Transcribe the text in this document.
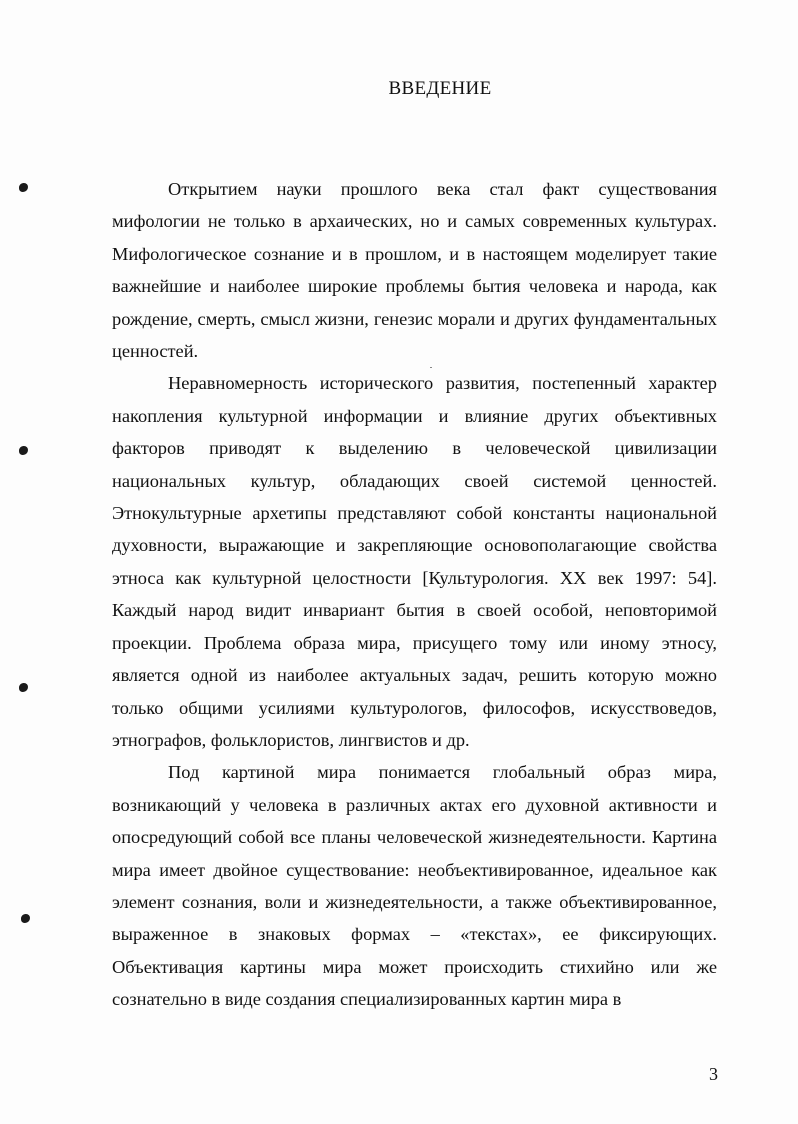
ВВЕДЕНИЕ

Открытием науки прошлого века стал факт существования мифологии не только в архаических, но и самых современных культурах. Мифологическое сознание и в прошлом, и в настоящем моделирует такие важнейшие и наиболее широкие проблемы бытия человека и народа, как рождение, смерть, смысл жизни, генезис морали и других фундаментальных ценностей.

Неравномерность исторического развития, постепенный характер накопления культурной информации и влияние других объективных факторов приводят к выделению в человеческой цивилизации национальных культур, обладающих своей системой ценностей. Этнокультурные архетипы представляют собой константы национальной духовности, выражающие и закрепляющие основополагающие свойства этноса как культурной целостности [Культурология. XX век 1997: 54]. Каждый народ видит инвариант бытия в своей особой, неповторимой проекции. Проблема образа мира, присущего тому или иному этносу, является одной из наиболее актуальных задач, решить которую можно только общими усилиями культурологов, философов, искусствоведов, этнографов, фольклористов, лингвистов и др.

Под картиной мира понимается глобальный образ мира, возникающий у человека в различных актах его духовной активности и опосредующий собой все планы человеческой жизнедеятельности. Картина мира имеет двойное существование: необъективированное, идеальное как элемент сознания, воли и жизнедеятельности, а также объективированное, выраженное в знаковых формах – «текстах», ее фиксирующих. Объективация картины мира может происходить стихийно или же сознательно в виде создания специализированных картин мира в

3
